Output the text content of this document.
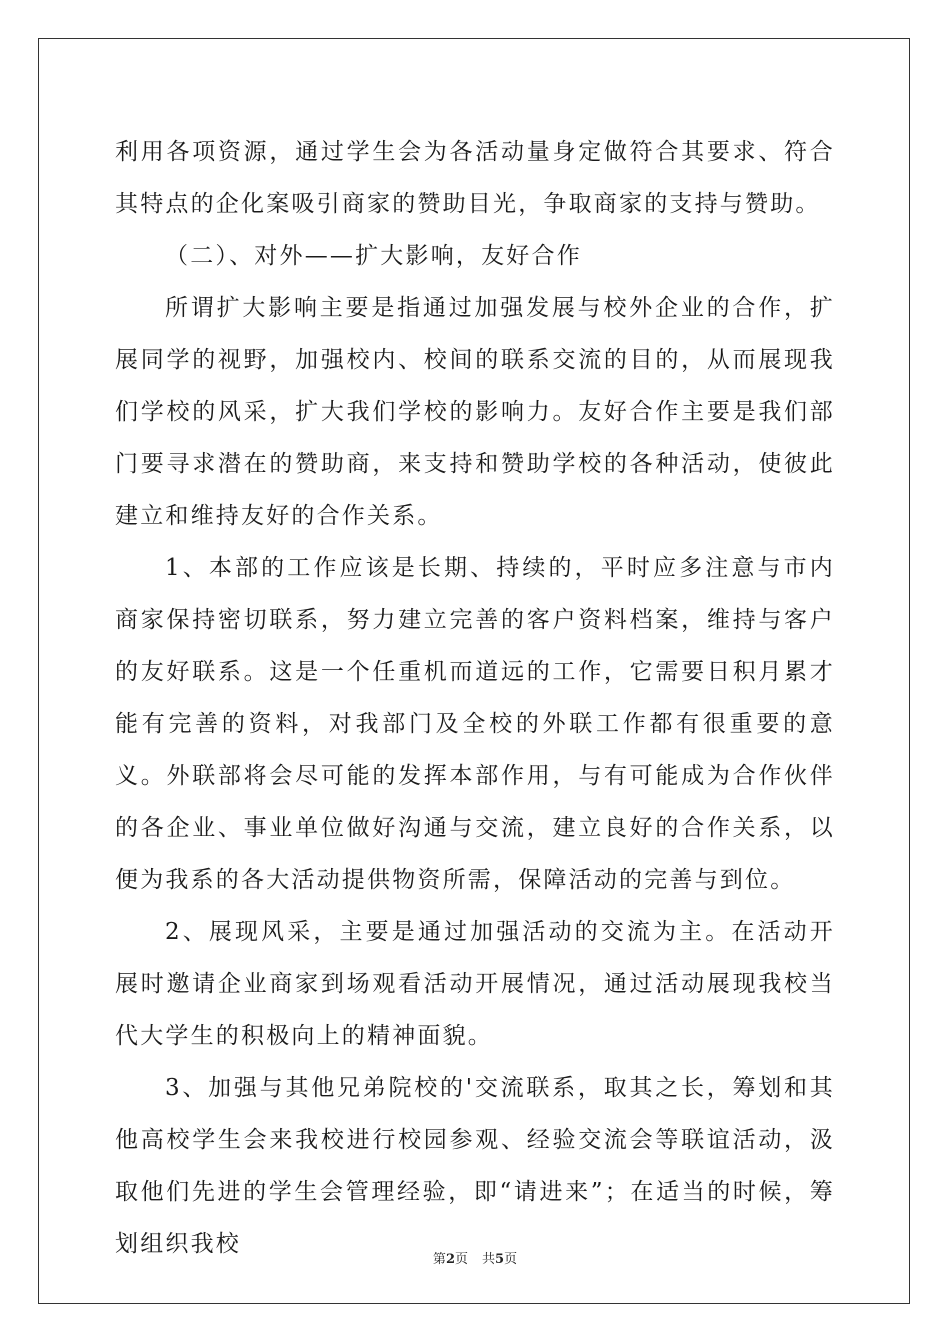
利用各项资源，通过学生会为各活动量身定做符合其要求、符合其特点的企化案吸引商家的赞助目光，争取商家的支持与赞助。

（二）、对外——扩大影响，友好合作

所谓扩大影响主要是指通过加强发展与校外企业的合作，扩展同学的视野，加强校内、校间的联系交流的目的，从而展现我们学校的风采，扩大我们学校的影响力。友好合作主要是我们部门要寻求潜在的赞助商，来支持和赞助学校的各种活动，使彼此建立和维持友好的合作关系。

1、本部的工作应该是长期、持续的，平时应多注意与市内商家保持密切联系，努力建立完善的客户资料档案，维持与客户的友好联系。这是一个任重机而道远的工作，它需要日积月累才能有完善的资料，对我部门及全校的外联工作都有很重要的意义。外联部将会尽可能的发挥本部作用，与有可能成为合作伙伴的各企业、事业单位做好沟通与交流，建立良好的合作关系，以便为我系的各大活动提供物资所需，保障活动的完善与到位。

2、展现风采，主要是通过加强活动的交流为主。在活动开展时邀请企业商家到场观看活动开展情况，通过活动展现我校当代大学生的积极向上的精神面貌。

3、加强与其他兄弟院校的'交流联系，取其之长，筹划和其他高校学生会来我校进行校园参观、经验交流会等联谊活动，汲取他们先进的学生会管理经验，即“请进来”；在适当的时候，筹划组织我校

第2页 共5页
